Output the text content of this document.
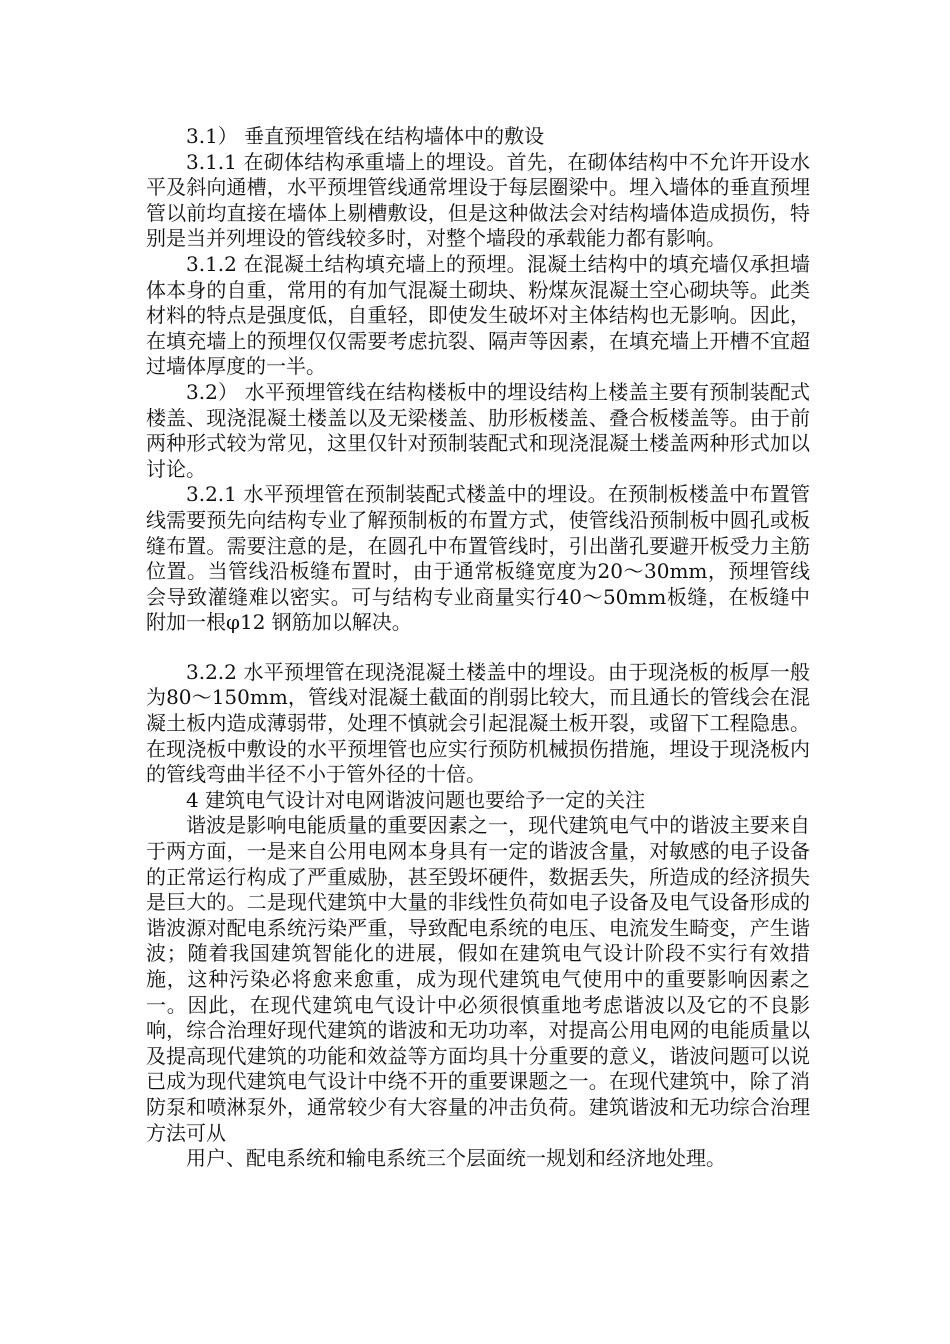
3.1） 垂直预埋管线在结构墙体中的敷设

3.1.1 在砌体结构承重墙上的埋设。首先，在砌体结构中不允许开设水平及斜向通槽，水平预埋管线通常埋设于每层圈梁中。埋入墙体的垂直预埋管以前均直接在墙体上剔槽敷设，但是这种做法会对结构墙体造成损伤，特别是当并列埋设的管线较多时，对整个墙段的承载能力都有影响。

3.1.2 在混凝土结构填充墙上的预埋。混凝土结构中的填充墙仅承担墙体本身的自重，常用的有加气混凝土砌块、粉煤灰混凝土空心砌块等。此类材料的特点是强度低，自重轻，即使发生破坏对主体结构也无影响。因此，在填充墙上的预埋仅仅需要考虑抗裂、隔声等因素，在填充墙上开槽不宜超过墙体厚度的一半。

3.2） 水平预埋管线在结构楼板中的埋设结构上楼盖主要有预制装配式楼盖、现浇混凝土楼盖以及无梁楼盖、肋形板楼盖、叠合板楼盖等。由于前两种形式较为常见，这里仅针对预制装配式和现浇混凝土楼盖两种形式加以讨论。

3.2.1 水平预埋管在预制装配式楼盖中的埋设。在预制板楼盖中布置管线需要预先向结构专业了解预制板的布置方式，使管线沿预制板中圆孔或板缝布置。需要注意的是，在圆孔中布置管线时，引出凿孔要避开板受力主筋位置。当管线沿板缝布置时，由于通常板缝宽度为20～30mm，预埋管线会导致灌缝难以密实。可与结构专业商量实行40～50mm板缝，在板缝中附加一根φ12 钢筋加以解决。

3.2.2 水平预埋管在现浇混凝土楼盖中的埋设。由于现浇板的板厚一般为80～150mm，管线对混凝土截面的削弱比较大，而且通长的管线会在混凝土板内造成薄弱带，处理不慎就会引起混凝土板开裂，或留下工程隐患。在现浇板中敷设的水平预埋管也应实行预防机械损伤措施，埋设于现浇板内的管线弯曲半径不小于管外径的十倍。

4 建筑电气设计对电网谐波问题也要给予一定的关注

谐波是影响电能质量的重要因素之一，现代建筑电气中的谐波主要来自于两方面，一是来自公用电网本身具有一定的谐波含量，对敏感的电子设备的正常运行构成了严重威胁，甚至毁坏硬件，数据丢失，所造成的经济损失是巨大的。二是现代建筑中大量的非线性负荷如电子设备及电气设备形成的谐波源对配电系统污染严重，导致配电系统的电压、电流发生畸变，产生谐波；随着我国建筑智能化的进展，假如在建筑电气设计阶段不实行有效措施，这种污染必将愈来愈重，成为现代建筑电气使用中的重要影响因素之一。因此，在现代建筑电气设计中必须很慎重地考虑谐波以及它的不良影响，综合治理好现代建筑的谐波和无功功率，对提高公用电网的电能质量以及提高现代建筑的功能和效益等方面均具十分重要的意义，谐波问题可以说已成为现代建筑电气设计中绕不开的重要课题之一。在现代建筑中，除了消防泵和喷淋泵外，通常较少有大容量的冲击负荷。建筑谐波和无功综合治理方法可从

用户、配电系统和输电系统三个层面统一规划和经济地处理。
